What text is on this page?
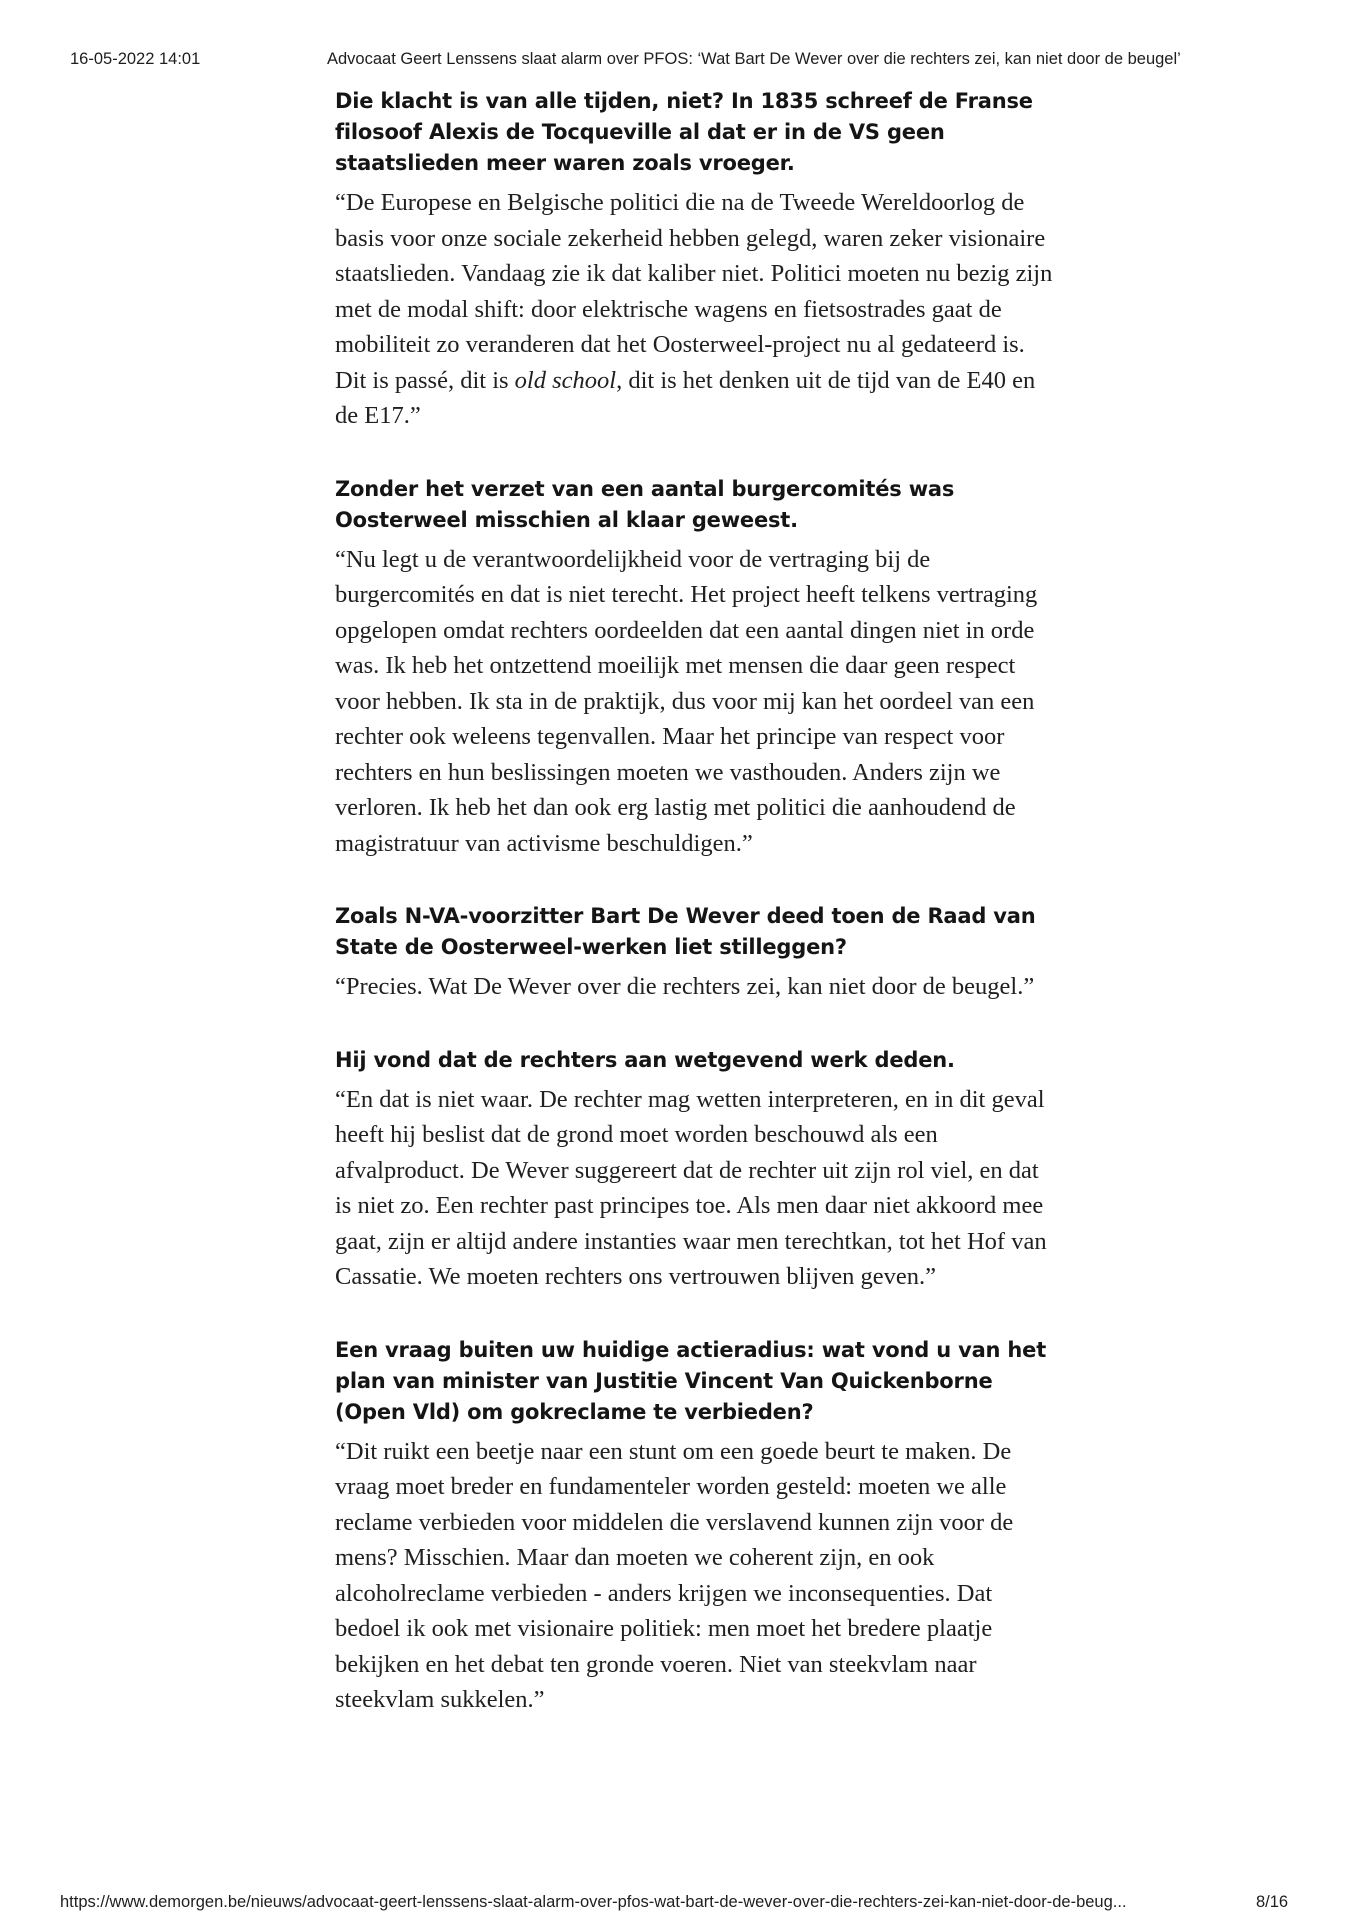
16-05-2022 14:01	Advocaat Geert Lenssens slaat alarm over PFOS: ‘Wat Bart De Wever over die rechters zei, kan niet door de beugel’

Die klacht is van alle tijden, niet? In 1835 schreef de Franse filosoof Alexis de Tocqueville al dat er in de VS geen staatslieden meer waren zoals vroeger.

“De Europese en Belgische politici die na de Tweede Wereldoorlog de basis voor onze sociale zekerheid hebben gelegd, waren zeker visionaire staatslieden. Vandaag zie ik dat kaliber niet. Politici moeten nu bezig zijn met de modal shift: door elektrische wagens en fietsostrades gaat de mobiliteit zo veranderen dat het Oosterweel-project nu al gedateerd is. Dit is passé, dit is old school, dit is het denken uit de tijd van de E40 en de E17.”

Zonder het verzet van een aantal burgercomités was Oosterweel misschien al klaar geweest.

“Nu legt u de verantwoordelijkheid voor de vertraging bij de burgercomités en dat is niet terecht. Het project heeft telkens vertraging opgelopen omdat rechters oordeelden dat een aantal dingen niet in orde was. Ik heb het ontzettend moeilijk met mensen die daar geen respect voor hebben. Ik sta in de praktijk, dus voor mij kan het oordeel van een rechter ook weleens tegenvallen. Maar het principe van respect voor rechters en hun beslissingen moeten we vasthouden. Anders zijn we verloren. Ik heb het dan ook erg lastig met politici die aanhoudend de magistratuur van activisme beschuldigen.”

Zoals N-VA-voorzitter Bart De Wever deed toen de Raad van State de Oosterweel-werken liet stilleggen?

“Precies. Wat De Wever over die rechters zei, kan niet door de beugel.”

Hij vond dat de rechters aan wetgevend werk deden.

“En dat is niet waar. De rechter mag wetten interpreteren, en in dit geval heeft hij beslist dat de grond moet worden beschouwd als een afvalproduct. De Wever suggereert dat de rechter uit zijn rol viel, en dat is niet zo. Een rechter past principes toe. Als men daar niet akkoord mee gaat, zijn er altijd andere instanties waar men terechtkan, tot het Hof van Cassatie. We moeten rechters ons vertrouwen blijven geven.”

Een vraag buiten uw huidige actieradius: wat vond u van het plan van minister van Justitie Vincent Van Quickenborne (Open Vld) om gokreclame te verbieden?

“Dit ruikt een beetje naar een stunt om een goede beurt te maken. De vraag moet breder en fundamenteler worden gesteld: moeten we alle reclame verbieden voor middelen die verslavend kunnen zijn voor de mens? Misschien. Maar dan moeten we coherent zijn, en ook alcoholreclame verbieden - anders krijgen we inconsequenties. Dat bedoel ik ook met visionaire politiek: men moet het bredere plaatje bekijken en het debat ten gronde voeren. Niet van steekvlam naar steekvlam sukkelen.”

https://www.demorgen.be/nieuws/advocaat-geert-lenssens-slaat-alarm-over-pfos-wat-bart-de-wever-over-die-rechters-zei-kan-niet-door-de-beug...	8/16
